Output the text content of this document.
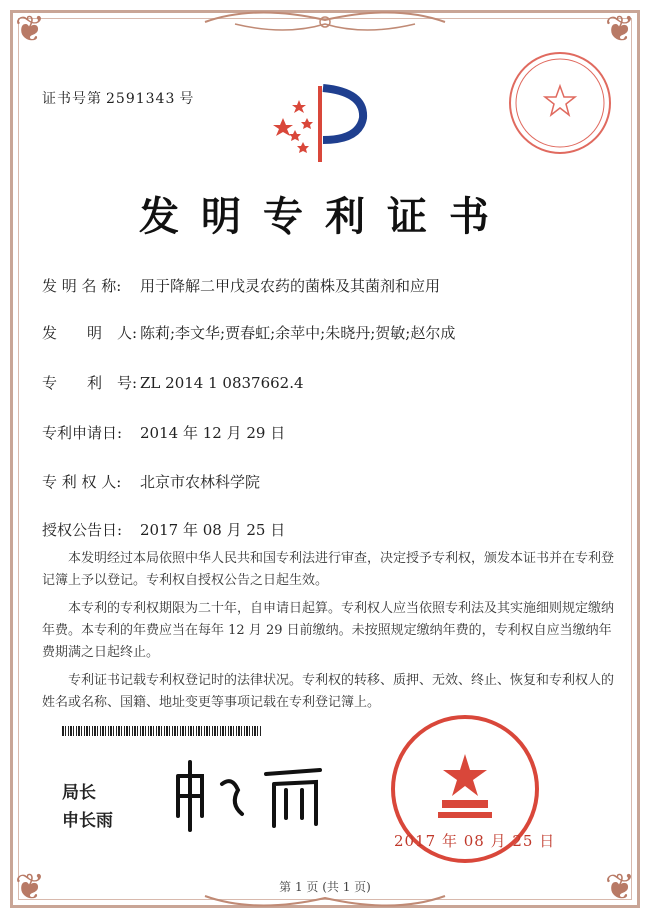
❦	❦
❦	❦
证书号第 2591343 号
发明专利证书
发 明 名 称: 用于降解二甲戊灵农药的菌株及其菌剂和应用
发　　明　人: 陈莉;李文华;贾春虹;余苹中;朱晓丹;贺敏;赵尔成
专　　利　号: ZL 2014 1 0837662.4
专利申请日: 2014 年 12 月 29 日
专 利 权 人: 北京市农林科学院
授权公告日: 2017 年 08 月 25 日

本发明经过本局依照中华人民共和国专利法进行审查，决定授予专利权，颁发本证书并在专利登记簿上予以登记。专利权自授权公告之日起生效。

本专利的专利权期限为二十年，自申请日起算。专利权人应当依照专利法及其实施细则规定缴纳年费。本专利的年费应当在每年 12 月 29 日前缴纳。未按照规定缴纳年费的，专利权自应当缴纳年费期满之日起终止。

专利证书记载专利权登记时的法律状况。专利权的转移、质押、无效、终止、恢复和专利权人的姓名或名称、国籍、地址变更等事项记载在专利登记簿上。

局长
申长雨
2017 年 08 月 25 日
第 1 页 (共 1 页)
